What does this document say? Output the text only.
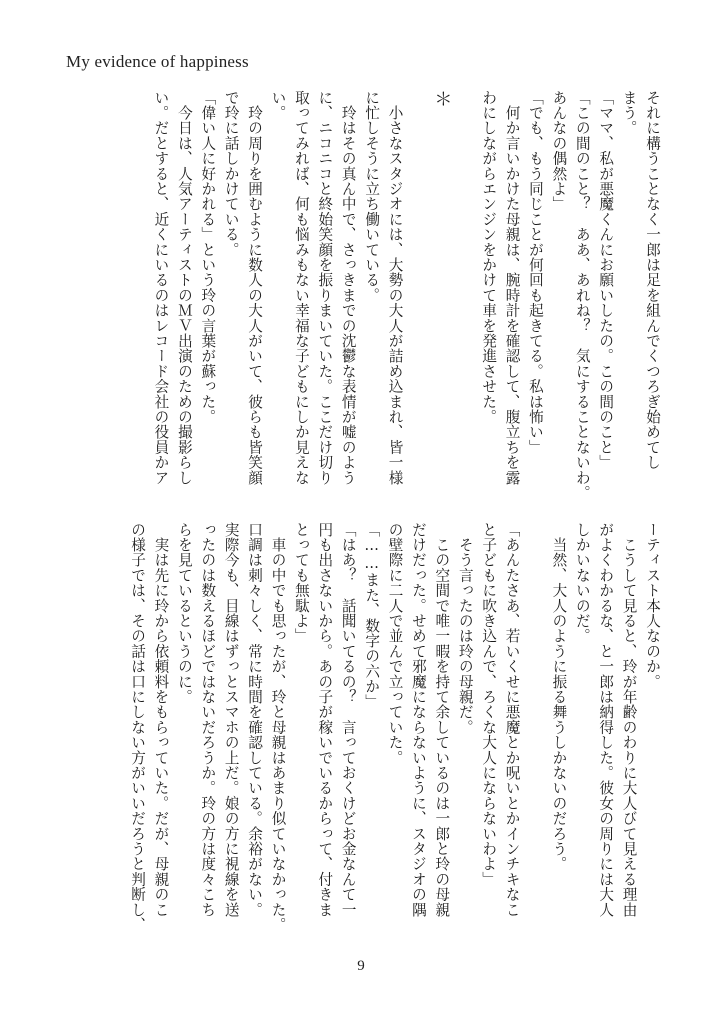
My evidence of happiness

それに構うことなく一郎は足を組んでくつろぎ始めてし

まう。

「ママ、私が悪魔くんにお願いしたの。この間のこと」

「この間のこと？　ああ、あれね？　気にすることないわ。

あんなの偶然よ」

「でも、もう同じことが何回も起きてる。私は怖い」

　何か言いかけた母親は、腕時計を確認して、腹立ちを露

わにしながらエンジンをかけて車を発進させた。

＊

　小さなスタジオには、大勢の大人が詰め込まれ、皆一様

に忙しそうに立ち働いている。

　玲はその真ん中で、さっきまでの沈鬱な表情が嘘のよう

に、ニコニコと終始笑顔を振りまいていた。ここだけ切り

取ってみれば、何も悩みもない幸福な子どもにしか見えな

い。

　玲の周りを囲むように数人の大人がいて、彼らも皆笑顔

で玲に話しかけている。

「偉い人に好かれる」という玲の言葉が蘇った。

　今日は、人気アーティストのＭＶ出演のための撮影らし

い。だとすると、近くにいるのはレコード会社の役員かア

ーティスト本人なのか。

　こうして見ると、玲が年齢のわりに大人びて見える理由

がよくわかるな、と一郎は納得した。彼女の周りには大人

しかいないのだ。

　当然、大人のように振る舞うしかないのだろう。

「あんたさあ、若いくせに悪魔とか呪いとかインチキなこ

と子どもに吹き込んで、ろくな大人にならないわよ」

　そう言ったのは玲の母親だ。

　この空間で唯一暇を持て余しているのは一郎と玲の母親

だけだった。せめて邪魔にならないように、スタジオの隅

の壁際に二人で並んで立っていた。

「……また、数字の六か」

「はあ？　話聞いてるの？　言っておくけどお金なんて一

円も出さないから。あの子が稼いでいるからって、付きま

とっても無駄よ」

　車の中でも思ったが、玲と母親はあまり似ていなかった。

口調は刺々しく、常に時間を確認している。余裕がない。

実際今も、目線はずっとスマホの上だ。娘の方に視線を送

ったのは数えるほどではないだろうか。玲の方は度々こち

らを見ているというのに。

　実は先に玲から依頼料をもらっていた。だが、母親のこ

の様子では、その話は口にしない方がいいだろうと判断し、

9
